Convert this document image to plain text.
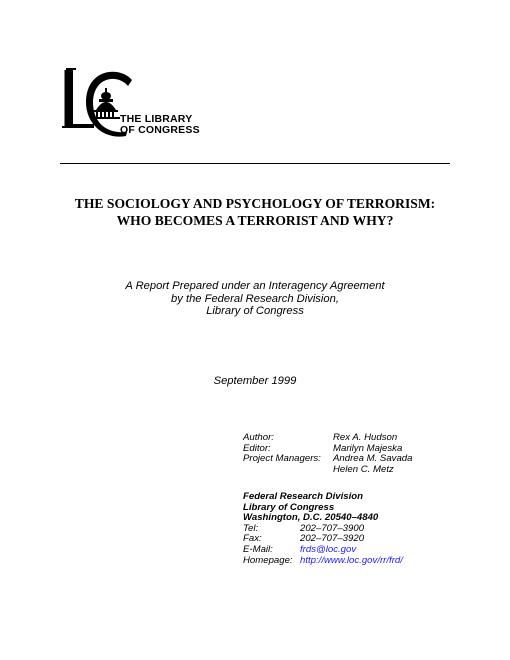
THE LIBRARY
OF CONGRESS
THE SOCIOLOGY AND PSYCHOLOGY OF TERRORISM:
WHO BECOMES A TERRORIST AND WHY?
A Report Prepared under an Interagency Agreement
by the Federal Research Division,
Library of Congress
September 1999
Author:	Rex A. Hudson
Editor:	Marilyn Majeska
Project Managers: Andrea M. Savada
Helen C. Metz
Federal Research Division
Library of Congress
Washington, D.C. 20540–4840
Tel:	202–707–3900
Fax:	202–707–3920
E-Mail:	frds@loc.gov
Homepage: http://www.loc.gov/rr/frd/
